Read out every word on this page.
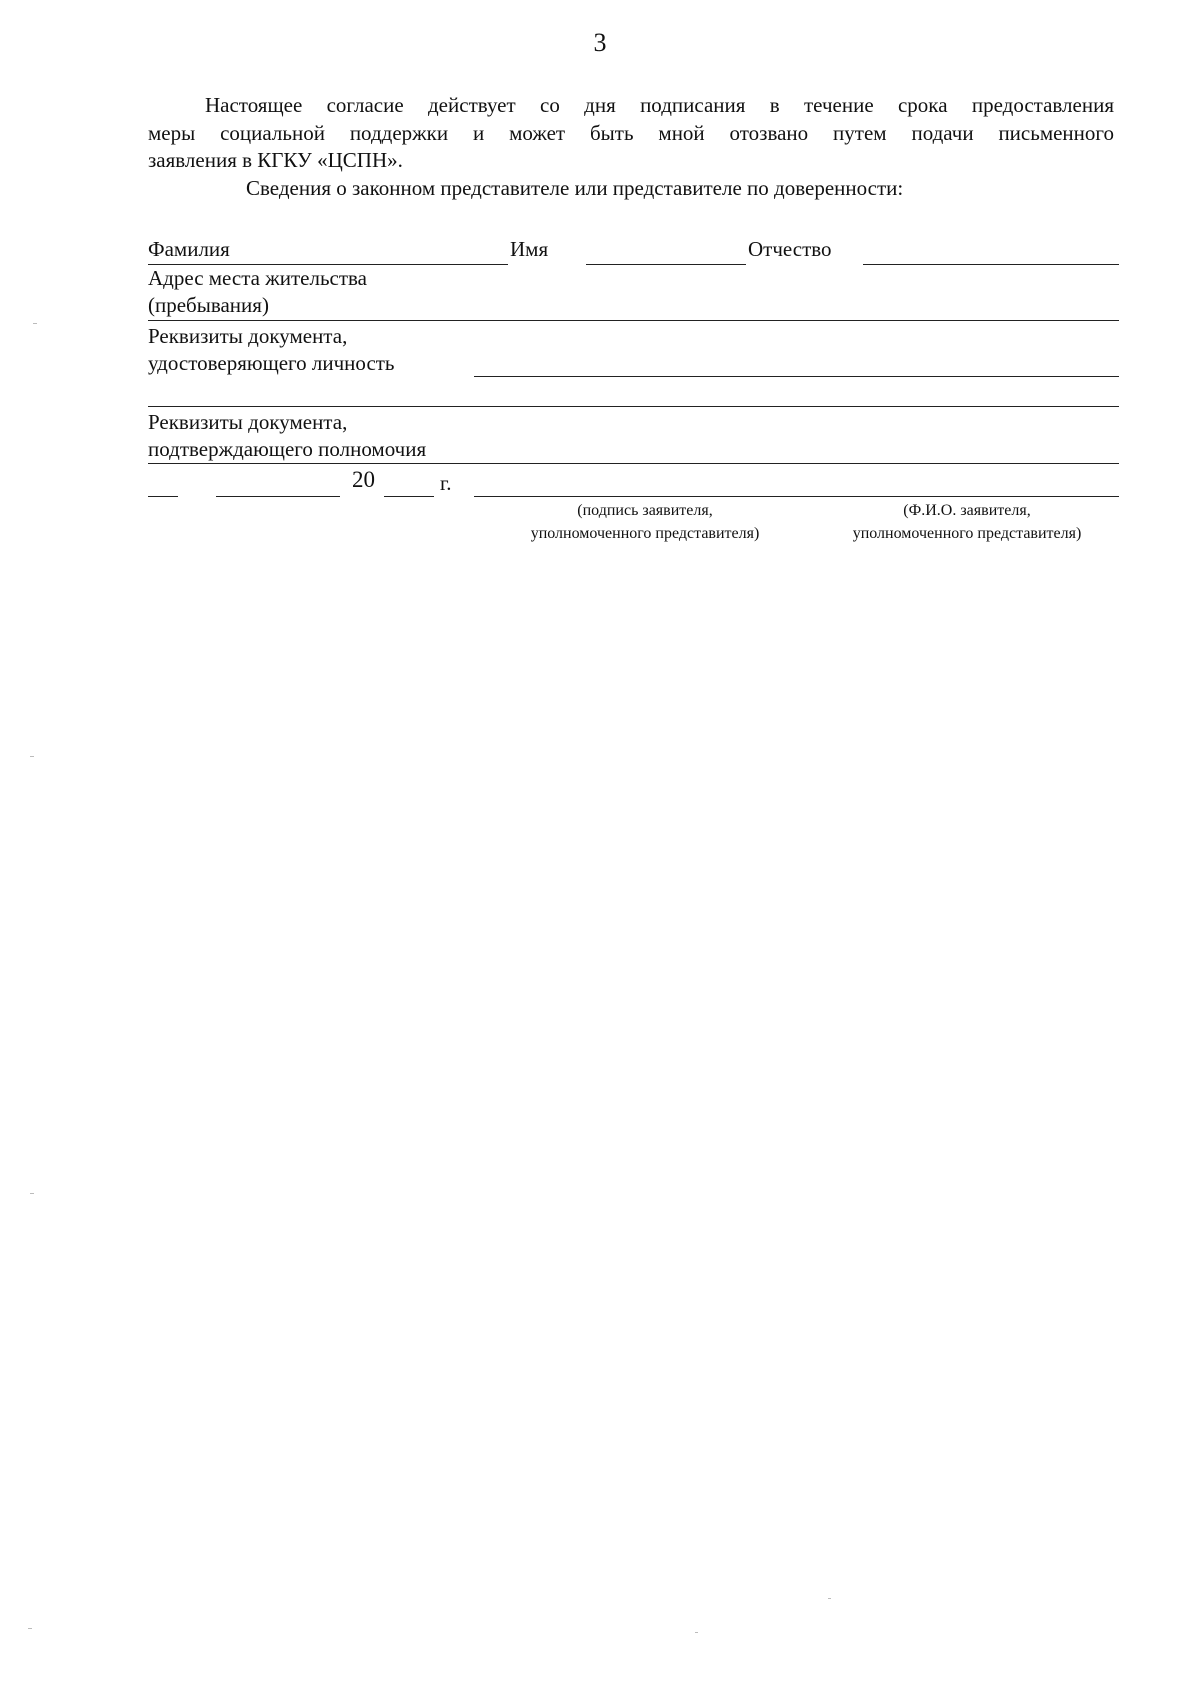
3
Настоящее согласие действует со дня подписания в течение срока предоставления
меры социальной поддержки и может быть мной отозвано путем подачи письменного
заявления в КГКУ «ЦСПН».
Сведения о законном представителе или представителе по доверенности:
Фамилия	Имя	Отчество
Адрес места жительства
(пребывания)
Реквизиты документа,
удостоверяющего личность
Реквизиты документа,
подтверждающего полномочия
20	г.
(подпись заявителя,
уполномоченного представителя)
(Ф.И.О. заявителя,
уполномоченного представителя)
